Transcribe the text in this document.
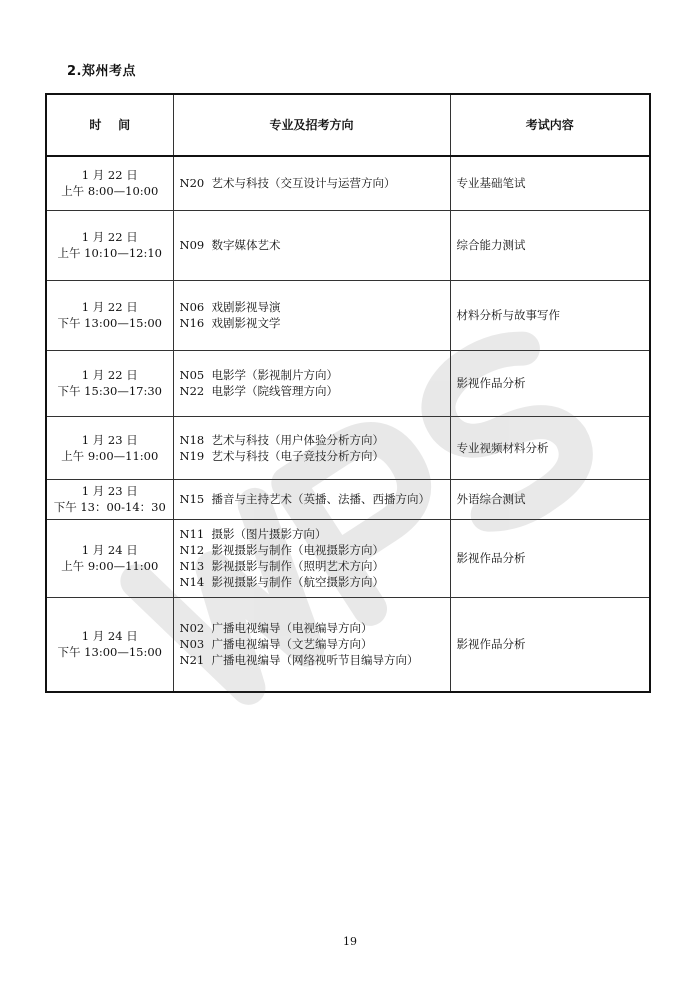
2.郑州考点
时    间	专业及招考方向	考试内容

1 月 22 日
上午 8:00—10:00	N20  艺术与科技（交互设计与运营方向）	专业基础笔试

1 月 22 日
上午 10:10—12:10	N09  数字媒体艺术	综合能力测试

1 月 22 日
下午 13:00—15:00	N06  戏剧影视导演
N16  戏剧影视文学	材料分析与故事写作

1 月 22 日
下午 15:30—17:30	N05  电影学（影视制片方向）
N22  电影学（院线管理方向）	影视作品分析

1 月 23 日
上午 9:00—11:00	N18  艺术与科技（用户体验分析方向）
N19  艺术与科技（电子竞技分析方向）	专业视频材料分析

1 月 23 日
下午 13：00-14：30	N15  播音与主持艺术（英播、法播、西播方向）	外语综合测试

1 月 24 日
上午 9:00—11:00	N11  摄影（图片摄影方向）
N12  影视摄影与制作（电视摄影方向）
N13  影视摄影与制作（照明艺术方向）
N14  影视摄影与制作（航空摄影方向）	影视作品分析

1 月 24 日
下午 13:00—15:00	N02  广播电视编导（电视编导方向）
N03  广播电视编导（文艺编导方向）
N21  广播电视编导（网络视听节目编导方向）	影视作品分析
19
